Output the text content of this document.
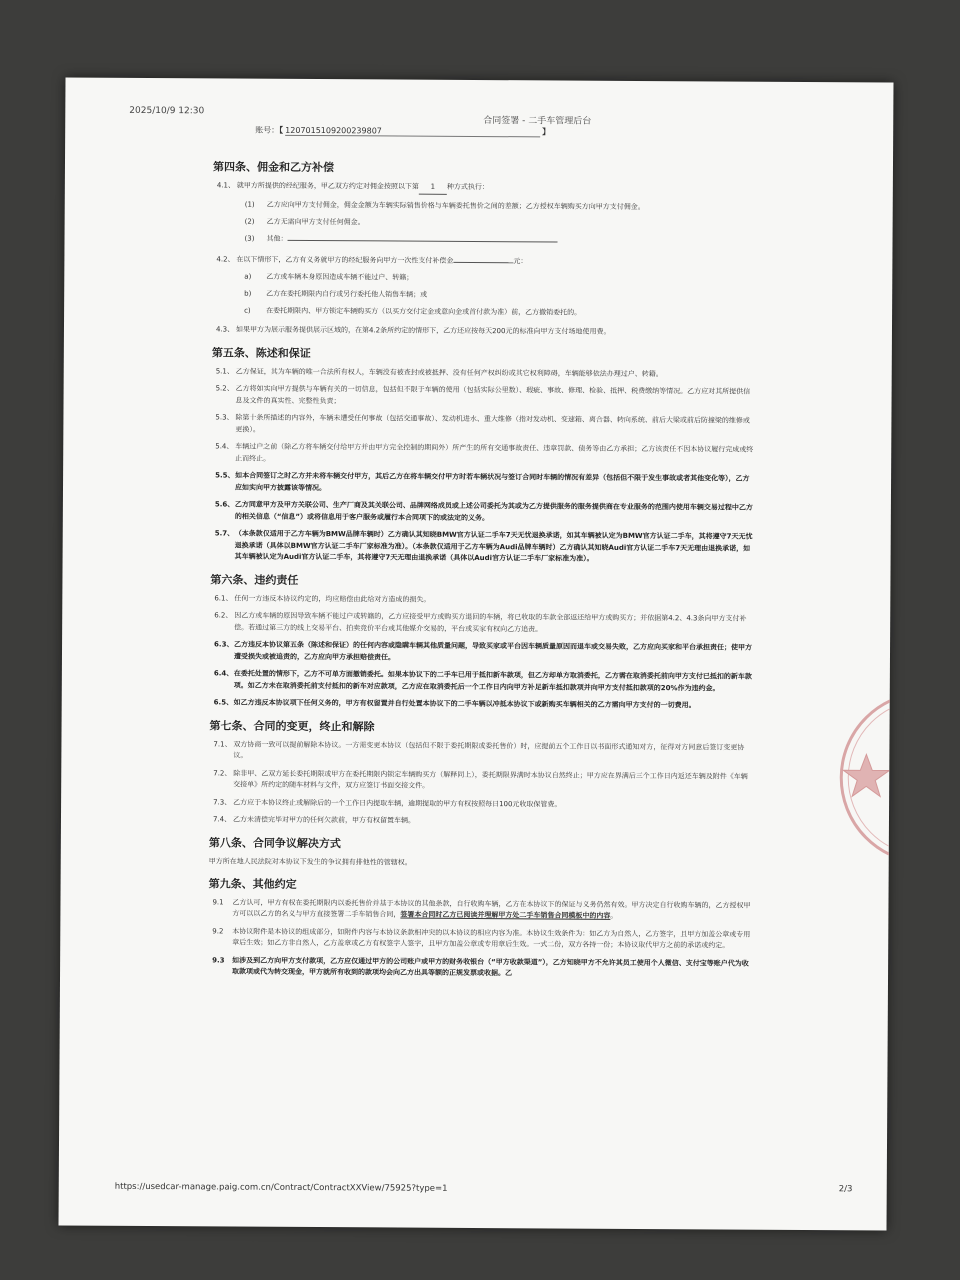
2025/10/9 12:30
合同签署 - 二手车管理后台
账号：【 1207015109200239807	】
第四条、佣金和乙方补偿
4.1、 就甲方所提供的经纪服务，甲乙双方约定对佣金按照以下第 1 种方式执行：
(1) 乙方应向甲方支付佣金，佣金金额为车辆实际销售价格与车辆委托售价之间的差额；乙方授权车辆购买方向甲方支付佣金。
(2) 乙方无需向甲方支付任何佣金。
(3) 其他：
4.2、 在以下情形下，乙方有义务就甲方的经纪服务向甲方一次性支付补偿金	元：
a) 乙方或车辆本身原因造成车辆不能过户、转籍；
b) 乙方在委托期限内自行或另行委托他人销售车辆；或
c) 在委托期限内、甲方锁定车辆购买方（以买方交付定金或意向金或首付款为准）前，乙方撤销委托的。
4.3、 如果甲方为展示服务提供展示区域的，在第4.2条所约定的情形下，乙方还应按每天200元的标准向甲方支付场地使用费。
第五条、陈述和保证
5.1、 乙方保证，其为车辆的唯一合法所有权人，车辆没有被查封或被抵押、没有任何产权纠纷或其它权利障碍，车辆能够依法办理过户、转籍。
5.2、 乙方将如实向甲方提供与车辆有关的一切信息，包括但不限于车辆的使用（包括实际公里数）、瑕疵、事故、修理、检验、抵押、税费缴纳等情况。乙方应对其所提供信息及文件的真实性、完整性负责；
5.3、 除第十条所描述的内容外，车辆未遭受任何事故（包括交通事故）、发动机进水、重大维修（指对发动机、变速箱、离合器、转向系统、前后大梁或前后防撞梁的维修或更换）。
5.4、 车辆过户之前（除乙方将车辆交付给甲方并由甲方完全控制的期间外）所产生的所有交通事故责任、违章罚款、债务等由乙方承担；乙方该责任不因本协议履行完成或终止而终止。
5.5、 如本合同签订之时乙方并未将车辆交付甲方，其后乙方在将车辆交付甲方时若车辆状况与签订合同时车辆的情况有差异（包括但不限于发生事故或者其他变化等），乙方应如实向甲方披露该等情况。
5.6、 乙方同意甲方及甲方关联公司、生产厂商及其关联公司、品牌网络成员或上述公司委托为其或为乙方提供服务的服务提供商在专业服务的范围内使用车辆交易过程中乙方的相关信息（“信息”）或将信息用于客户服务或履行本合同项下的或法定的义务。
5.7、 （本条款仅适用于乙方车辆为BMW品牌车辆时）乙方确认其知晓BMW官方认证二手车7天无忧退换承诺，如其车辆被认定为BMW官方认证二手车，其将遵守7天无忧退换承诺（具体以BMW官方认证二手车厂家标准为准）。（本条款仅适用于乙方车辆为Audi品牌车辆时）乙方确认其知晓Audi官方认证二手车7天无理由退换承诺，如其车辆被认定为Audi官方认证二手车，其将遵守7天无理由退换承诺（具体以Audi官方认证二手车厂家标准为准）。
第六条、违约责任
6.1、 任何一方违反本协议约定的，均应赔偿由此给对方造成的损失。
6.2、 因乙方或车辆的原因导致车辆不能过户或转籍的，乙方应接受甲方或购买方退回的车辆，将已收取的车款全部返还给甲方或购买方；并依据第4.2、4.3条向甲方支付补偿。若通过第三方的线上交易平台、拍卖竞价平台或其他媒介交易的，平台或买家有权向乙方追责。
6.3、 乙方违反本协议第五条（陈述和保证）的任何内容或隐瞒车辆其他质量问题，导致买家或平台因车辆质量原因而退车或交易失败，乙方应向买家和平台承担责任；使甲方遭受损失或被追责的，乙方应向甲方承担赔偿责任。
6.4、 在委托处置的情形下，乙方不可单方面撤销委托。如果本协议下的二手车已用于抵扣新车款项，但乙方却单方取消委托，乙方需在取消委托前向甲方支付已抵扣的新车款项。如乙方未在取消委托前支付抵扣的新车对应款项，乙方应在取消委托后一个工作日内向甲方补足新车抵扣款项并向甲方支付抵扣款项的20%作为违约金。
6.5、 如乙方违反本协议项下任何义务的，甲方有权留置并自行处置本协议下的二手车辆以冲抵本协议下或新购买车辆相关的乙方需向甲方支付的一切费用。
第七条、合同的变更，终止和解除
7.1、 双方协商一致可以提前解除本协议。一方需变更本协议（包括但不限于委托期限或委托售价）时，应提前五个工作日以书面形式通知对方，征得对方同意后签订变更协议。
7.2、 除非甲、乙双方延长委托期限或甲方在委托期限内锁定车辆购买方（解释同上），委托期限界满时本协议自然终止；甲方应在界满后三个工作日内返还车辆及附件《车辆交接单》所约定的随车材料与文件，双方应签订书面交接文件。
7.3、 乙方应于本协议终止或解除后的一个工作日内提取车辆，逾期提取的甲方有权按照每日100元收取保管费。
7.4、 乙方未清偿完毕对甲方的任何欠款前，甲方有权留置车辆。
第八条、合同争议解决方式
甲方所在地人民法院对本协议下发生的争议拥有排他性的管辖权。
第九条、其他约定
9.1	乙方认可，甲方有权在委托期限内以委托售价并基于本协议的其他条款，自行收购车辆，乙方在本协议下的保证与义务仍然有效。甲方决定自行收购车辆的，乙方授权甲方可以以乙方的名义与甲方直接签署二手车销售合同，签署本合同时乙方已阅读并理解甲方处二手车销售合同模板中的内容。
9.2	本协议附件是本协议的组成部分，如附件内容与本协议条款相冲突的以本协议的相应内容为准。本协议生效条件为：如乙方为自然人，乙方签字，且甲方加盖公章或专用章后生效；如乙方非自然人，乙方盖章或乙方有权签字人签字，且甲方加盖公章或专用章后生效。一式二份，双方各持一份；本协议取代甲方之前的承诺或约定。
9.3	如涉及到乙方向甲方支付款项，乙方应仅通过甲方的公司账户或甲方的财务收银台（“甲方收款渠道”），乙方知晓甲方不允许其员工使用个人微信、支付宝等账户代为收取款项或代为转交现金，甲方就所有收到的款项均会向乙方出具等额的正规发票或收据。乙
https://usedcar-manage.paig.com.cn/Contract/ContractXXView/75925?type=1	2/3
